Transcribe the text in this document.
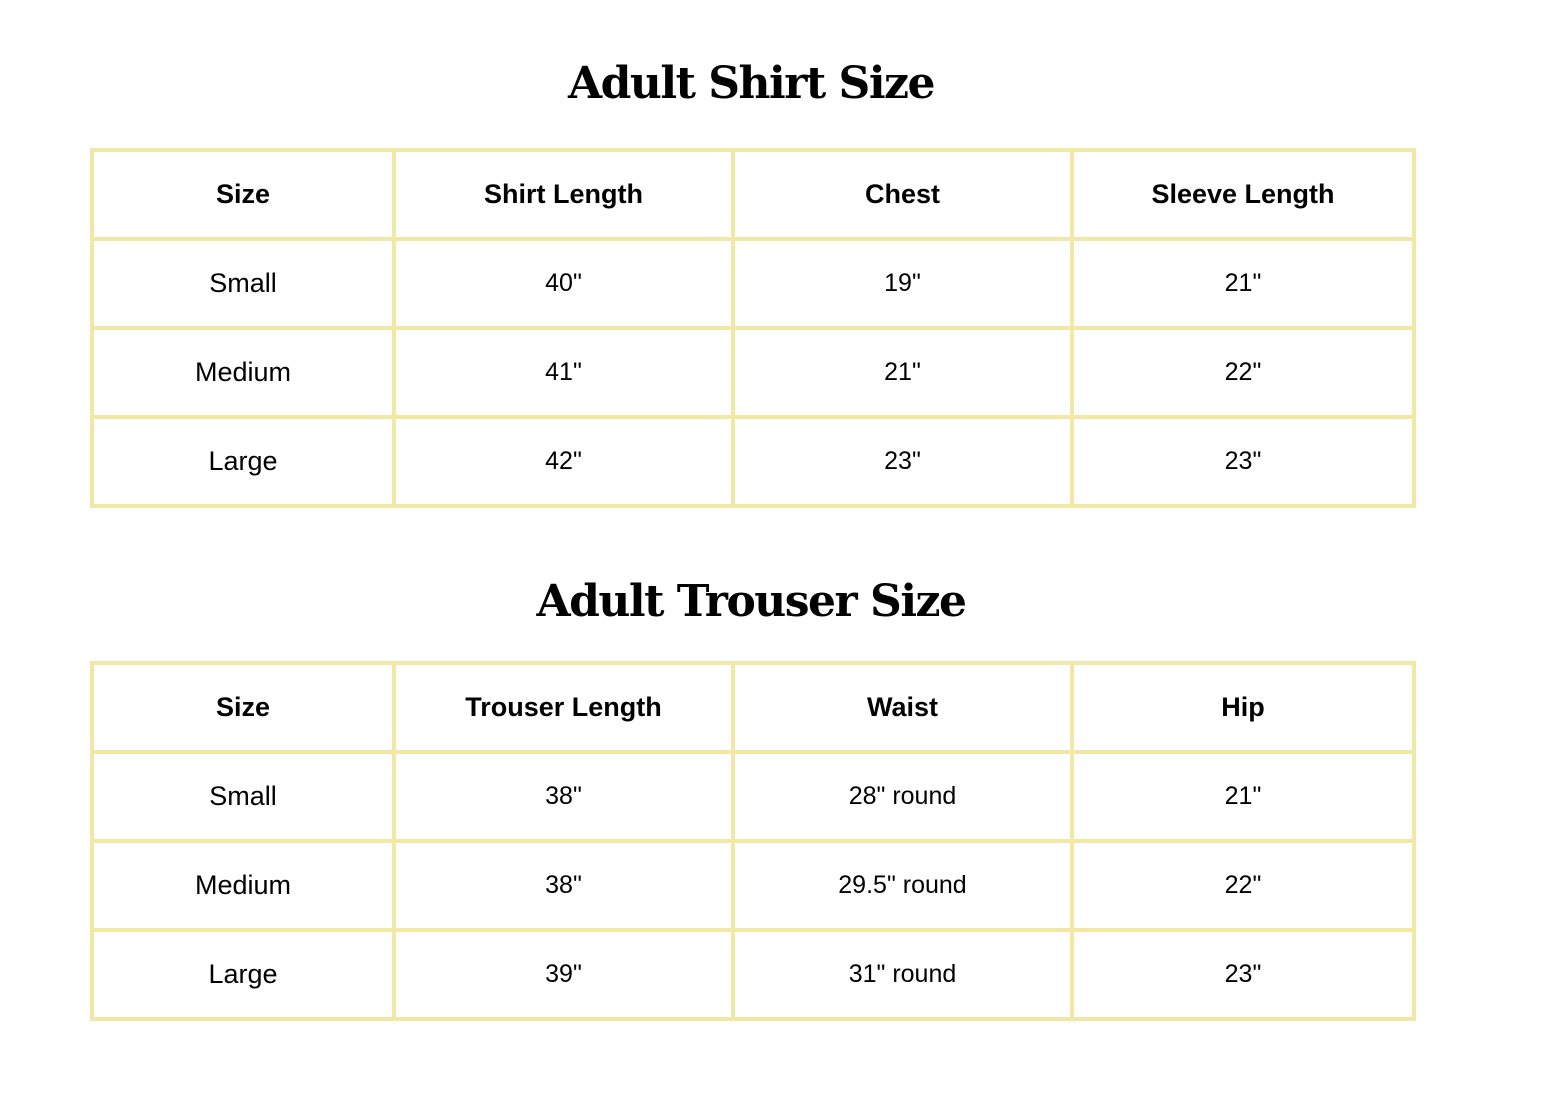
Adult Shirt Size
Size	Shirt Length	Chest	Sleeve Length
Small	40"	19"	21"
Medium	41"	21"	22"
Large	42"	23"	23"
Adult Trouser Size
Size	Trouser Length	Waist	Hip
Small	38"	28" round	21"
Medium	38"	29.5" round	22"
Large	39"	31" round	23"
